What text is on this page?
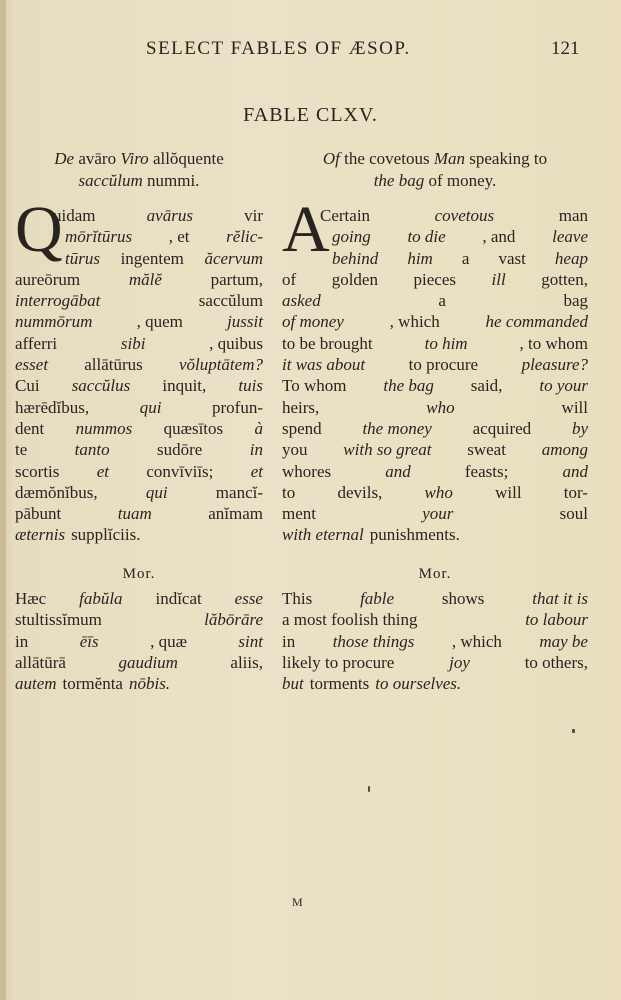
SELECT FABLES OF ÆSOP.	121
FABLE CLXV.
De avāro Viro allŏquente
saccŭlum nummi.
uidam	avārus	vir
mōrĭtūrus , et rĕlic-
tūrus ingentem ăcervum
aureōrum	mălĕ	partum,
interrogābat	saccŭlum
nummōrum	, quem	jussit
afferri	sibi	, quibus
esset allātūrus vŏluptātem?
Cui saccŭlus inquit, tuis
hærēdĭbus,	qui	profun-
dent nummos quæsītos à
te	tanto	sudōre	in
scortis et convīviīs; et
dæmŏnĭbus,	qui	mancĭ-
pābunt	tuam	anĭmam
æternis supplĭciis.
Q
Mor.
Hæc fabŭla indĭcat esse
stultissĭmum	lăbōrāre
in	ēīs	, quæ	sint
allātūrā	gaudium	aliis,
autem tormĕnta nōbis.
Of the covetous Man speaking to
the bag of money.
Certain	covetous	man
going to die , and leave
behind him a vast heap
of golden pieces ill gotten,
asked	a	bag
of money	, which	he commanded
to be brought	to him	, to whom
it was about	to procure	pleasure?
To whom the bag said, to your
heirs,	who	will
spend the money acquired by
you with so great sweat among
whores	and	feasts;	and
to devils, who will tor-
ment	your	soul
with eternal punishments.
A
Mor.
This	fable	shows	that it is
a most foolish thing	to labour
in those things , which may be
likely to procure	joy	to others,
but torments to ourselves.
M
